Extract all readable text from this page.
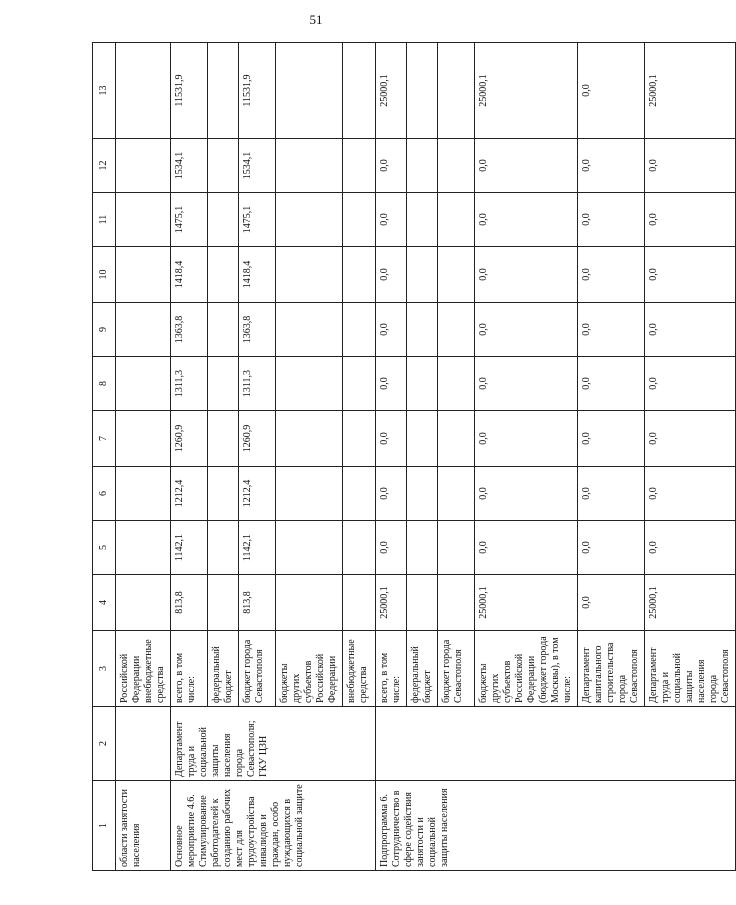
51
1	2	3	4	5	6	7	8	9	10	11	12	13
области занятости населения		Российской Федерации внебюджетные средства										
Основное мероприятие 4.6. Стимулирование работодателей к созданию рабочих мест для трудоустройства инвалидов и граждан, особо нуждающихся в социальной защите	Департамент труда и социальной защиты населения города Севастополя; ГКУ ЦЗН	всего, в том числе:	813,8	1142,1	1212,4	1260,9	1311,3	1363,8	1418,4	1475,1	1534,1	11531,9
		федеральный бюджет										
		бюджет города Севастополя	813,8	1142,1	1212,4	1260,9	1311,3	1363,8	1418,4	1475,1	1534,1	11531,9
		бюджеты других субъектов Российской Федерации										
		внебюджетные средства										
Подпрограмма 6. Сотрудничество в сфере содействия занятости и социальной защиты населения		всего, в том числе:	25000,1	0,0	0,0	0,0	0,0	0,0	0,0	0,0	0,0	25000,1
		федеральный бюджет										
		бюджет города Севастополя										
		бюджеты других субъектов Российской Федерации (бюджет города Москвы), в том числе:	25000,1	0,0	0,0	0,0	0,0	0,0	0,0	0,0	0,0	25000,1
		Департамент капитального строительства города Севастополя	0,0	0,0	0,0	0,0	0,0	0,0	0,0	0,0	0,0	0,0
		Департамент труда и социальной защиты населения города Севастополя	25000,1	0,0	0,0	0,0	0,0	0,0	0,0	0,0	0,0	25000,1
